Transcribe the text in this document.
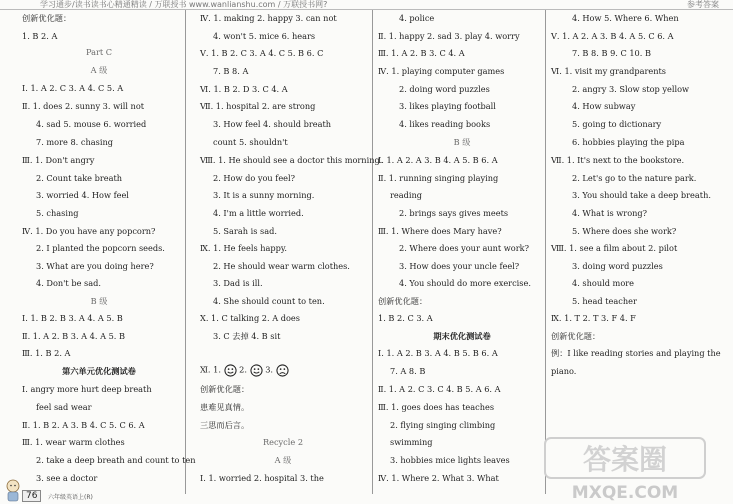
学习通步/读书读书心精通精读 / 万联授书 www.wanlianshu.com / 万联授书网?	参考答案
创新优化题：
1. B 2. A
Part C
A 级
Ⅰ. 1. A 2. C 3. A 4. C 5. A
Ⅱ. 1. does 2. sunny 3. will not
4. sad 5. mouse 6. worried
7. more 8. chasing
Ⅲ. 1. Don't angry
2. Count take breath
3. worried 4. How feel
5. chasing
Ⅳ. 1. Do you have any popcorn?
2. I planted the popcorn seeds.
3. What are you doing here?
4. Don't be sad.
B 级
Ⅰ. 1. B 2. B 3. A 4. A 5. B
Ⅱ. 1. A 2. B 3. A 4. A 5. B
Ⅲ. 1. B 2. A
第六单元优化测试卷
Ⅰ. angry more hurt deep breath
feel sad wear
Ⅱ. 1. B 2. A 3. B 4. C 5. C 6. A
Ⅲ. 1. wear warm clothes
2. take a deep breath and count to ten
3. see a doctor
Ⅳ. 1. making 2. happy 3. can not
4. won't 5. mice 6. hears
Ⅴ. 1. B 2. C 3. A 4. C 5. B 6. C
7. B 8. A
Ⅵ. 1. B 2. D 3. C 4. A
Ⅶ. 1. hospital 2. are strong
3. How feel 4. should breath
count 5. shouldn't
Ⅷ. 1. He should see a doctor this morning.
2. How do you feel?
3. It is a sunny morning.
4. I'm a little worried.
5. Sarah is sad.
Ⅸ. 1. He feels happy.
2. He should wear warm clothes.
3. Dad is ill.
4. She should count to ten.
Ⅹ. 1. C talking 2. A does
3. C 去掉 4. B sit
Ⅺ. 1. 2. 3.
创新优化题：
患难见真情。
三思而后言。
Recycle 2
A 级
Ⅰ. 1. worried 2. hospital 3. the
4. police
Ⅱ. 1. happy 2. sad 3. play 4. worry
Ⅲ. 1. A 2. B 3. C 4. A
Ⅳ. 1. playing computer games
2. doing word puzzles
3. likes playing football
4. likes reading books
B 级
Ⅰ. 1. A 2. A 3. B 4. A 5. B 6. A
Ⅱ. 1. running singing playing
reading
2. brings says gives meets
Ⅲ. 1. Where does Mary have?
2. Where does your aunt work?
3. How does your uncle feel?
4. You should do more exercise.
创新优化题：
1. B 2. C 3. A
期末优化测试卷
Ⅰ. 1. A 2. B 3. A 4. B 5. B 6. A
7. A 8. B
Ⅱ. 1. A 2. C 3. C 4. B 5. A 6. A
Ⅲ. 1. goes does has teaches
2. flying singing climbing
swimming
3. hobbies mice lights leaves
Ⅳ. 1. Where 2. What 3. What
4. How 5. Where 6. When
Ⅴ. 1. A 2. A 3. B 4. A 5. C 6. A
7. B 8. B 9. C 10. B
Ⅵ. 1. visit my grandparents
2. angry 3. Slow stop yellow
4. How subway
5. going to dictionary
6. hobbies playing the pipa
Ⅶ. 1. It's next to the bookstore.
2. Let's go to the nature park.
3. You should take a deep breath.
4. What is wrong?
5. Where does she work?
Ⅷ. 1. see a film about 2. pilot
3. doing word puzzles
4. should more
5. head teacher
Ⅸ. 1. T 2. T 3. F 4. F
创新优化题：
例：I like reading stories and playing the
piano.
答案圈
MXQE.COM
76	六年级英语上(R)
